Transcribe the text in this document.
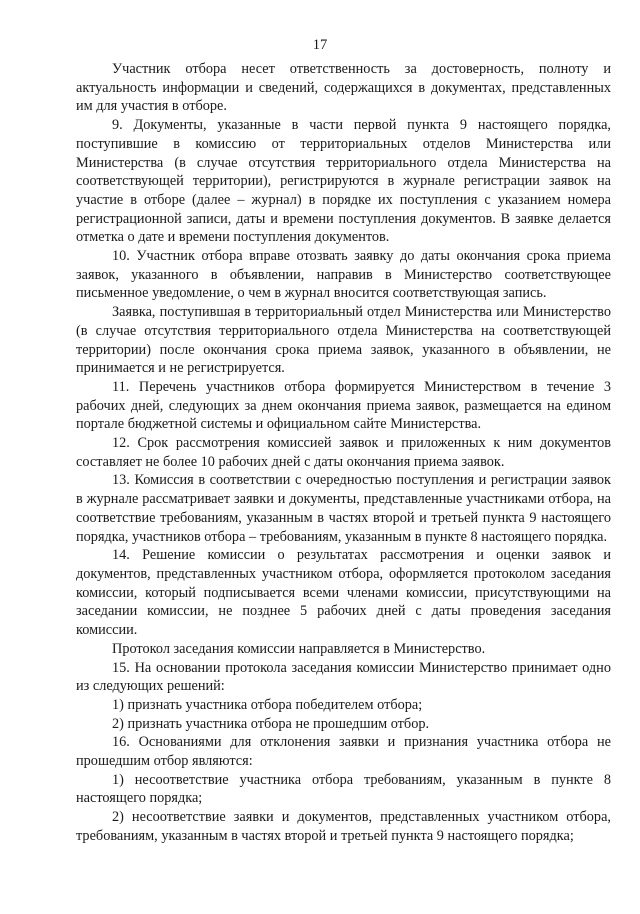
17

Участник отбора несет ответственность за достоверность, полноту и актуальность информации и сведений, содержащихся в документах, представленных им для участия в отборе.

9. Документы, указанные в части первой пункта 9 настоящего порядка, поступившие в комиссию от территориальных отделов Министерства или Министерства (в случае отсутствия территориального отдела Министерства на соответствующей территории), регистрируются в журнале регистрации заявок на участие в отборе (далее – журнал) в порядке их поступления с указанием номера регистрационной записи, даты и времени поступления документов. В заявке делается отметка о дате и времени поступления документов.

10. Участник отбора вправе отозвать заявку до даты окончания срока приема заявок, указанного в объявлении, направив в Министерство соответствующее письменное уведомление, о чем в журнал вносится соответствующая запись.

Заявка, поступившая в территориальный отдел Министерства или Министерство (в случае отсутствия территориального отдела Министерства на соответствующей территории) после окончания срока приема заявок, указанного в объявлении, не принимается и не регистрируется.

11. Перечень участников отбора формируется Министерством в течение 3 рабочих дней, следующих за днем окончания приема заявок, размещается на едином портале бюджетной системы и официальном сайте Министерства.

12. Срок рассмотрения комиссией заявок и приложенных к ним документов составляет не более 10 рабочих дней с даты окончания приема заявок.

13. Комиссия в соответствии с очередностью поступления и регистрации заявок в журнале рассматривает заявки и документы, представленные участниками отбора, на соответствие требованиям, указанным в частях второй и третьей пункта 9 настоящего порядка, участников отбора – требованиям, указанным в пункте 8 настоящего порядка.

14. Решение комиссии о результатах рассмотрения и оценки заявок и документов, представленных участником отбора, оформляется протоколом заседания комиссии, который подписывается всеми членами комиссии, присутствующими на заседании комиссии, не позднее 5 рабочих дней с даты проведения заседания комиссии.

Протокол заседания комиссии направляется в Министерство.

15. На основании протокола заседания комиссии Министерство принимает одно из следующих решений:

1) признать участника отбора победителем отбора;

2) признать участника отбора не прошедшим отбор.

16. Основаниями для отклонения заявки и признания участника отбора не прошедшим отбор являются:

1) несоответствие участника отбора требованиям, указанным в пункте 8 настоящего порядка;

2) несоответствие заявки и документов, представленных участником отбора, требованиям, указанным в частях второй и третьей пункта 9 настоящего порядка;
